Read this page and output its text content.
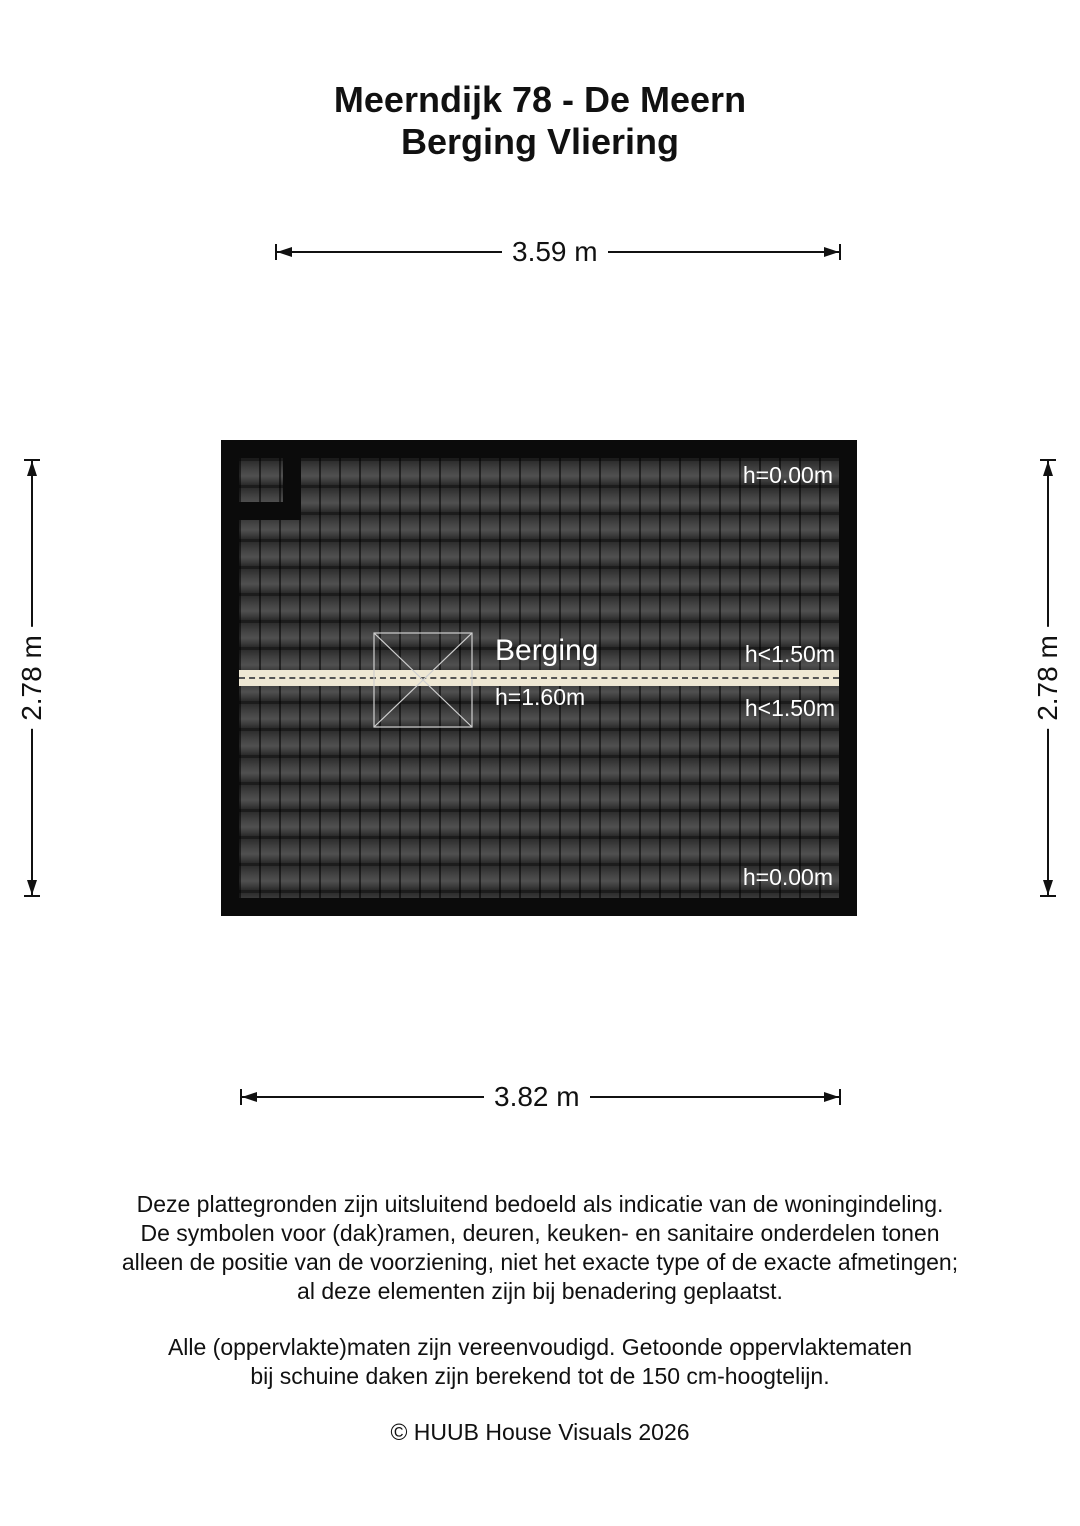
Meerndijk 78 - De Meern
Berging Vliering
3.59 m
3.82 m
2.78 m	2.78 m
Berging
h=1.60m
h=0.00m
h<1.50m
h<1.50m
h=0.00m
Deze plattegronden zijn uitsluitend bedoeld als indicatie van de woningindeling.
De symbolen voor (dak)ramen, deuren, keuken- en sanitaire onderdelen tonen
alleen de positie van de voorziening, niet het exacte type of de exacte afmetingen;
al deze elementen zijn bij benadering geplaatst.
Alle (oppervlakte)maten zijn vereenvoudigd. Getoonde oppervlaktematen
bij schuine daken zijn berekend tot de 150 cm-hoogtelijn.
© HUUB House Visuals 2026
